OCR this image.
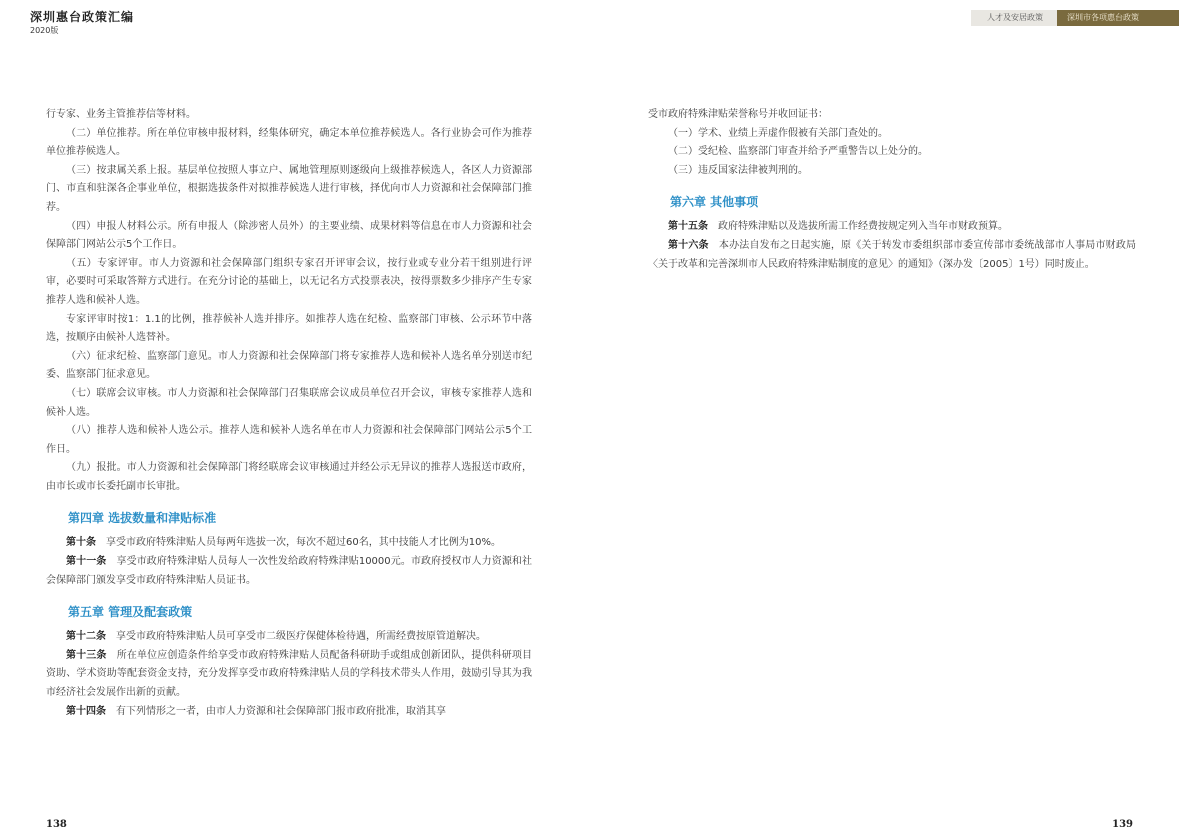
深圳惠台政策汇编
2020版
人才及安居政策	深圳市各项惠台政策

行专家、业务主管推荐信等材料。

（二）单位推荐。所在单位审核申报材料，经集体研究，确定本单位推荐候选人。各行业协会可作为推荐单位推荐候选人。

（三）按隶属关系上报。基层单位按照人事立户、属地管理原则逐级向上级推荐候选人，各区人力资源部门、市直和驻深各企事业单位，根据选拔条件对拟推荐候选人进行审核，择优向市人力资源和社会保障部门推荐。

（四）申报人材料公示。所有申报人（除涉密人员外）的主要业绩、成果材料等信息在市人力资源和社会保障部门网站公示5个工作日。

（五）专家评审。市人力资源和社会保障部门组织专家召开评审会议，按行业或专业分若干组别进行评审，必要时可采取答辩方式进行。在充分讨论的基础上，以无记名方式投票表决，按得票数多少排序产生专家推荐人选和候补人选。

专家评审时按1：1.1的比例，推荐候补人选并排序。如推荐人选在纪检、监察部门审核、公示环节中落选，按顺序由候补人选替补。

（六）征求纪检、监察部门意见。市人力资源和社会保障部门将专家推荐人选和候补人选名单分别送市纪委、监察部门征求意见。

（七）联席会议审核。市人力资源和社会保障部门召集联席会议成员单位召开会议，审核专家推荐人选和候补人选。

（八）推荐人选和候补人选公示。推荐人选和候补人选名单在市人力资源和社会保障部门网站公示5个工作日。

（九）报批。市人力资源和社会保障部门将经联席会议审核通过并经公示无异议的推荐人选报送市政府，由市长或市长委托副市长审批。

第四章 选拔数量和津贴标准

第十条　 享受市政府特殊津贴人员每两年选拔一次，每次不超过60名，其中技能人才比例为10%。

第十一条　 享受市政府特殊津贴人员每人一次性发给政府特殊津贴10000元。市政府授权市人力资源和社会保障部门颁发享受市政府特殊津贴人员证书。

第五章 管理及配套政策

第十二条　 享受市政府特殊津贴人员可享受市二级医疗保健体检待遇，所需经费按原管道解决。

第十三条　 所在单位应创造条件给享受市政府特殊津贴人员配备科研助手或组成创新团队，提供科研项目资助、学术资助等配套资金支持，充分发挥享受市政府特殊津贴人员的学科技术带头人作用，鼓励引导其为我市经济社会发展作出新的贡献。

第十四条　 有下列情形之一者，由市人力资源和社会保障部门报市政府批准，取消其享

受市政府特殊津贴荣誉称号并收回证书：

（一）学术、业绩上弄虚作假被有关部门查处的。

（二）受纪检、监察部门审查并给予严重警告以上处分的。

（三）违反国家法律被判刑的。

第六章 其他事项

第十五条　 政府特殊津贴以及选拔所需工作经费按规定列入当年市财政预算。

第十六条　 本办法自发布之日起实施，原《关于转发市委组织部市委宣传部市委统战部市人事局市财政局〈关于改革和完善深圳市人民政府特殊津贴制度的意见〉的通知》（深办发〔2005〕1号）同时废止。

138	139
